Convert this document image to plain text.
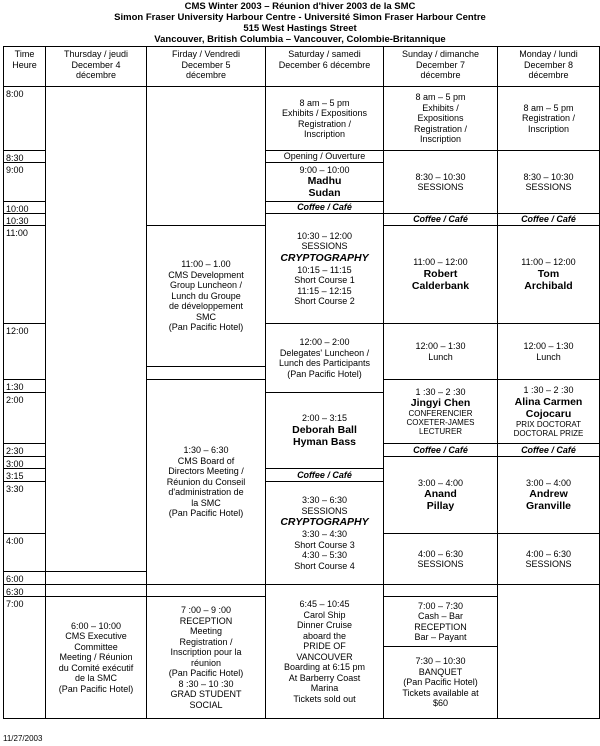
CMS Winter 2003 – Réunion d'hiver 2003 de la SMC
Simon Fraser University Harbour Centre - Université Simon Fraser Harbour Centre
515 West Hastings Street
Vancouver, British Columbia – Vancouver, Colombie-Britannique
Time
Heure
Thursday / jeudi
December 4
décembre
Firday / Vendredi
December 5
décembre
Saturday / samedi
December 6 décembre
Sunday / dimanche
December 7
décembre
Monday / lundi
December 8
décembre
8:00
8:30
9:00
10:00
10:30
11:00
12:00
1:30
2:00
2:30
3:00
3:15
3:30
4:00
6:00
6:30
7:00
6:00 – 10:00
CMS Executive
Committee
Meeting / Réunion
du Comité exécutif
de la SMC
(Pan Pacific Hotel)
11:00 – 1.00
CMS Development
Group Luncheon /
Lunch du Groupe
de développement
SMC
(Pan Pacific Hotel)
1:30 – 6:30
CMS Board of
Directors Meeting /
Réunion du Conseil
d'administration de
la SMC
(Pan Pacific Hotel)
7 :00 – 9 :00
RECEPTION
Meeting
Registration /
Inscription pour la
réunion
(Pan Pacific Hotel)
8 :30 – 10 :30
GRAD STUDENT
SOCIAL
8 am – 5 pm
Exhibits / Expositions
Registration /
Inscription
Opening / Ouverture
9:00 – 10:00
Madhu
Sudan
Coffee / Café
10:30 – 12:00
SESSIONS
CRYPTOGRAPHY
10:15 – 11:15
Short Course 1
11:15 – 12:15
Short Course 2
12:00 – 2:00
Delegates' Luncheon /
Lunch des Participants
(Pan Pacific Hotel)
2:00 – 3:15
Deborah Ball
Hyman Bass
Coffee / Café
3:30 – 6:30
SESSIONS
CRYPTOGRAPHY
3:30 – 4:30
Short Course 3
4:30 – 5:30
Short Course 4
6:45 – 10:45
Carol Ship
Dinner Cruise
aboard the
PRIDE OF
VANCOUVER
Boarding at 6:15 pm
At Barberry Coast
Marina
Tickets sold out
8 am – 5 pm
Exhibits /
Expositions
Registration /
Inscription
8:30 – 10:30
SESSIONS
Coffee / Café
11:00 – 12:00
Robert
Calderbank
12:00 – 1:30
Lunch
1 :30 – 2 :30
Jingyi Chen
CONFERENCIER
COXETER-JAMES
LECTURER
Coffee / Café
3:00 – 4:00
Anand
Pillay
4:00 – 6:30
SESSIONS
7:00 – 7:30
Cash – Bar
RECEPTION
Bar – Payant
7:30 – 10:30
BANQUET
(Pan Pacific Hotel)
Tickets available at
$60
8 am – 5 pm
Registration /
Inscription
8:30 – 10:30
SESSIONS
Coffee / Café
11:00 – 12:00
Tom
Archibald
12:00 – 1:30
Lunch
1 :30 – 2 :30
Alina Carmen
Cojocaru
PRIX DOCTORAT
DOCTORAL PRIZE
Coffee / Café
3:00 – 4:00
Andrew
Granville
4:00 – 6:30
SESSIONS
11/27/2003
